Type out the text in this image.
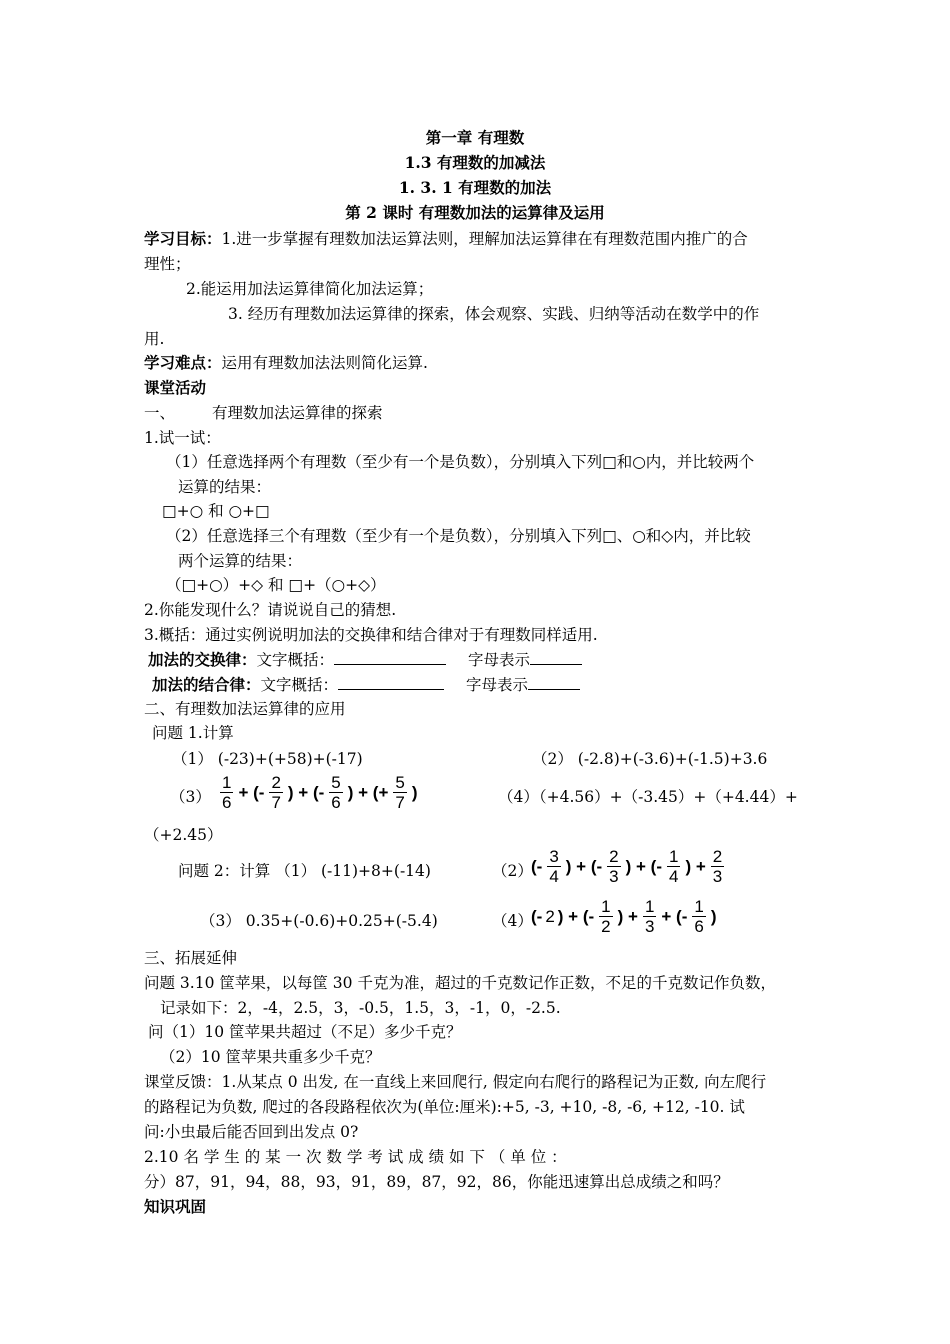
第一章 有理数
1.3 有理数的加减法
1. 3. 1 有理数的加法
第 2 课时 有理数加法的运算律及运用
学习目标：1.进一步掌握有理数加法运算法则，理解加法运算律在有理数范围内推广的合
理性；
2.能运用加法运算律简化加法运算；
3. 经历有理数加法运算律的探索，体会观察、实践、归纳等活动在数学中的作
用.
学习难点：运用有理数加法法则简化运算.
课堂活动
一、 有理数加法运算律的探索
1.试一试：
（1）任意选择两个有理数（至少有一个是负数），分别填入下列□和○内，并比较两个
运算的结果：
□+○ 和 ○+□
（2）任意选择三个有理数（至少有一个是负数），分别填入下列□、○和◇内，并比较
两个运算的结果：
（□+○）+◇ 和 □+（○+◇）
2.你能发现什么？请说说自己的猜想.
3.概括：通过实例说明加法的交换律和结合律对于有理数同样适用.
加法的交换律：文字概括：	字母表示
加法的结合律：文字概括：	字母表示
二、有理数加法运算律的应用
问题 1.计算
（1） (-23)+(+58)+(-17)	（2） (-2.8)+(-3.6)+(-1.5)+3.6
$(3) \frac{1}{6}$ + (- $\frac{2}{7}$ ) + (- $\frac{5}{6}$ ) + (+ $\frac{5}{7}$ )	（4）（+4.56）+（-3.45）+（+4.44）+
（+2.45）
问题 2：计算 （1） (-11)+8+(-14)	（2）
(- $\frac{3}{4}$ ) + (- $\frac{2}{3}$ ) + (- $\frac{1}{4}$ ) + $\frac{2}{3}$
（3） 0.35+(-0.6)+0.25+(-5.4)	（4）
(- 2 ) + (- $\frac{1}{2}$ ) + $\frac{1}{3}$ + (- $\frac{1}{6}$ )
三、拓展延伸
问题 3.10 筐苹果，以每筐 30 千克为准，超过的千克数记作正数，不足的千克数记作负数，
记录如下：2，-4，2.5，3，-0.5，1.5，3，-1，0，-2.5.
问（1）10 筐苹果共超过（不足）多少千克？
（2）10 筐苹果共重多少千克？
课堂反馈：1.从某点 0 出发, 在一直线上来回爬行, 假定向右爬行的路程记为正数, 向左爬行
的路程记为负数, 爬过的各段路程依次为(单位:厘米):+5, -3, +10, -8, -6, +12, -10. 试
问:小虫最后能否回到出发点 0?
2.10 名 学 生 的 某 一 次 数 学 考 试 成 绩 如 下 （ 单 位 ：
分）87，91，94，88，93，91，89，87，92，86，你能迅速算出总成绩之和吗？
知识巩固
